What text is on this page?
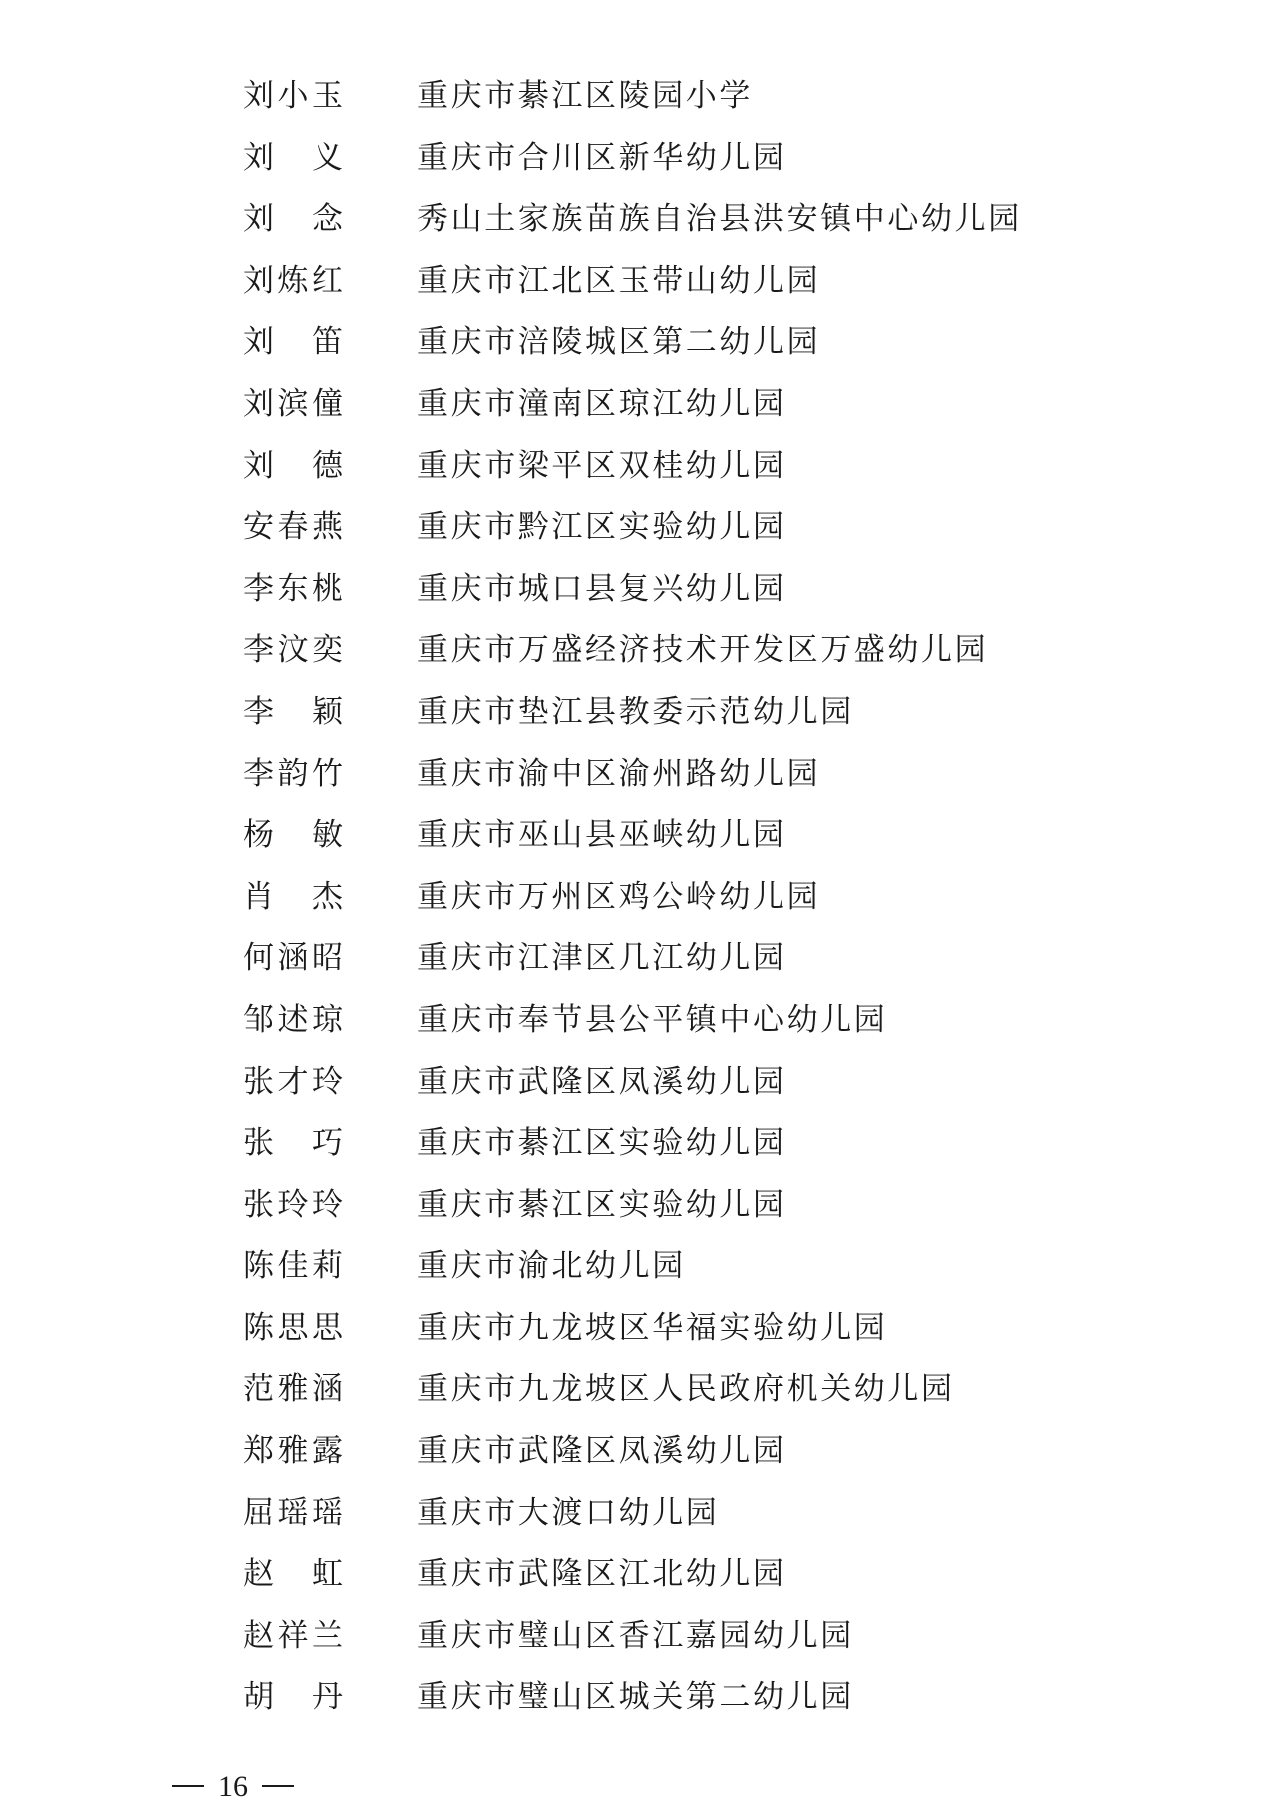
刘小玉 重庆市綦江区陵园小学
刘 义 重庆市合川区新华幼儿园
刘 念 秀山土家族苗族自治县洪安镇中心幼儿园
刘炼红 重庆市江北区玉带山幼儿园
刘 笛 重庆市涪陵城区第二幼儿园
刘滨僮 重庆市潼南区琼江幼儿园
刘 德 重庆市梁平区双桂幼儿园
安春燕 重庆市黔江区实验幼儿园
李东桃 重庆市城口县复兴幼儿园
李汶奕 重庆市万盛经济技术开发区万盛幼儿园
李 颖 重庆市垫江县教委示范幼儿园
李韵竹 重庆市渝中区渝州路幼儿园
杨 敏 重庆市巫山县巫峡幼儿园
肖 杰 重庆市万州区鸡公岭幼儿园
何涵昭 重庆市江津区几江幼儿园
邹述琼 重庆市奉节县公平镇中心幼儿园
张才玲 重庆市武隆区凤溪幼儿园
张 巧 重庆市綦江区实验幼儿园
张玲玲 重庆市綦江区实验幼儿园
陈佳莉 重庆市渝北幼儿园
陈思思 重庆市九龙坡区华福实验幼儿园
范雅涵 重庆市九龙坡区人民政府机关幼儿园
郑雅露 重庆市武隆区凤溪幼儿园
屈瑶瑶 重庆市大渡口幼儿园
赵 虹 重庆市武隆区江北幼儿园
赵祥兰 重庆市璧山区香江嘉园幼儿园
胡 丹 重庆市璧山区城关第二幼儿园
16
